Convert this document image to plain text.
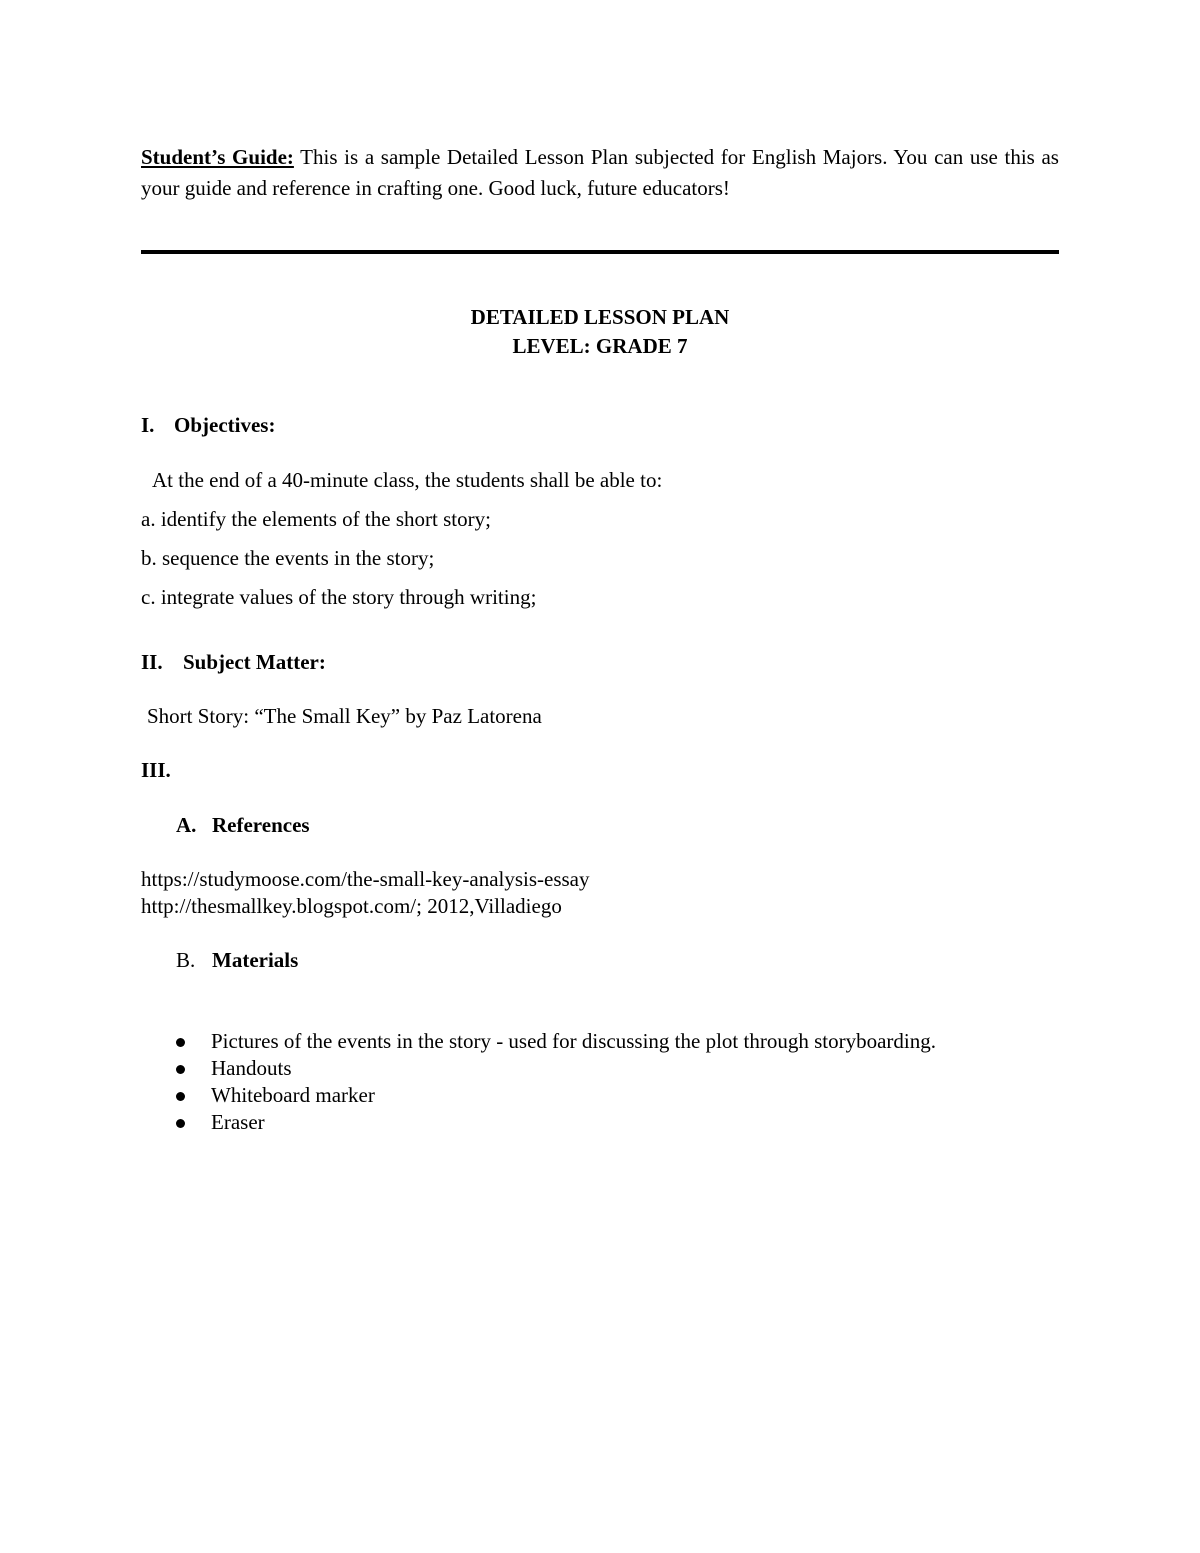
Student’s Guide: This is a sample Detailed Lesson Plan subjected for English Majors. You can use this as your guide and reference in crafting one. Good luck, future educators!
DETAILED LESSON PLAN
LEVEL: GRADE 7
I. Objectives:
At the end of a 40-minute class, the students shall be able to:
a. identify the elements of the short story;
b. sequence the events in the story;
c. integrate values of the story through writing;
II. Subject Matter:
Short Story: “The Small Key” by Paz Latorena
III.
A. References
https://studymoose.com/the-small-key-analysis-essay
http://thesmallkey.blogspot.com/; 2012,Villadiego
B. Materials
Pictures of the events in the story - used for discussing the plot through storyboarding.
Handouts
Whiteboard marker
Eraser
